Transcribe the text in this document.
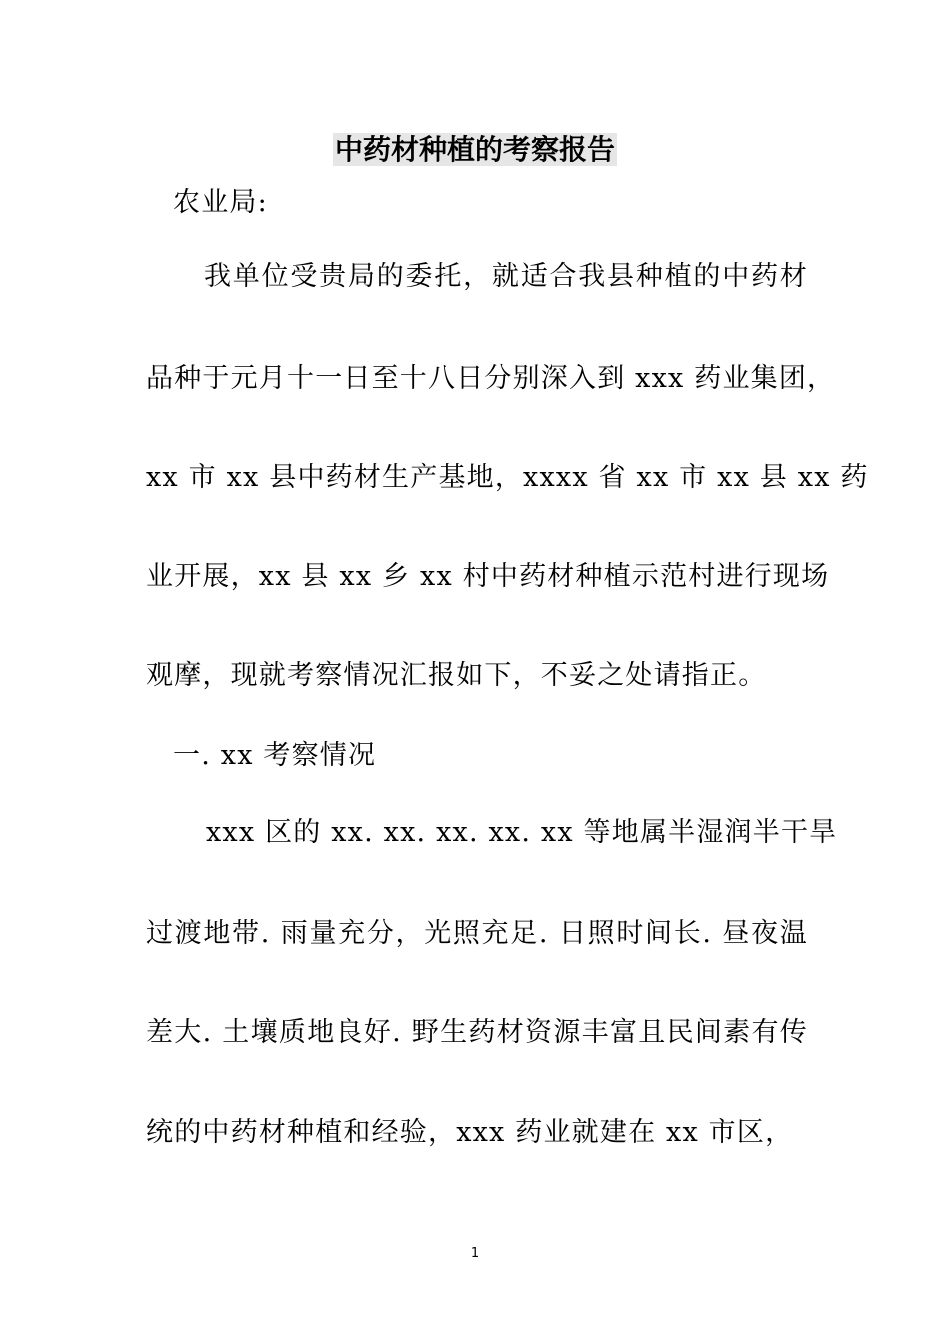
中药材种植的考察报告
农业局:
我单位受贵局的委托，就适合我县种植的中药材
品种于元月十一日至十八日分别深入到 xxx 药业集团，
xx 市 xx 县中药材生产基地，xxxx 省 xx 市 xx 县 xx 药
业开展，xx 县 xx 乡 xx 村中药材种植示范村进行现场
观摩，现就考察情况汇报如下，不妥之处请指正。
一. xx 考察情况
xxx 区的 xx. xx. xx. xx. xx 等地属半湿润半干旱
过渡地带. 雨量充分，光照充足. 日照时间长. 昼夜温
差大. 土壤质地良好. 野生药材资源丰富且民间素有传
统的中药材种植和经验，xxx 药业就建在 xx 市区，
1
